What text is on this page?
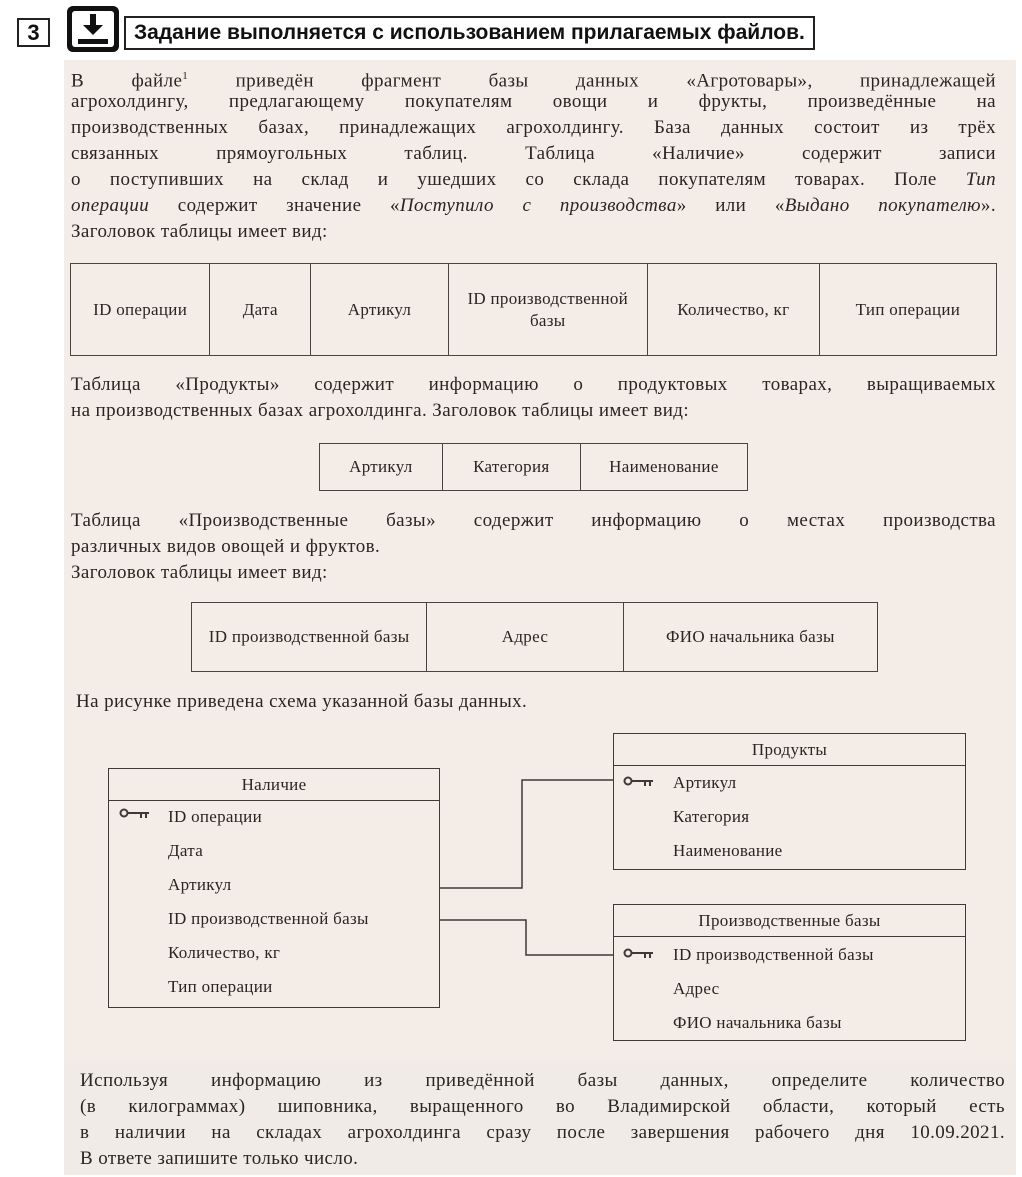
3	Задание выполняется с использованием прилагаемых файлов.
В файле$^1$ приведён фрагмент базы данных «Агротовары», принадлежащей
агрохолдингу, предлагающему покупателям овощи и фрукты, произведённые на
производственных базах, принадлежащих агрохолдингу. База данных состоит из трёх
связанных прямоугольных таблиц. Таблица «Наличие» содержит записи
о поступивших на склад и ушедших со склада покупателям товарах. Поле Тип
операции содержит значение «Поступило с производства» или «Выдано покупателю».
Заголовок таблицы имеет вид:
ID операции	Дата	Артикул	ID производственной базы	Количество, кг	Тип операции
Таблица «Продукты» содержит информацию о продуктовых товарах, выращиваемых
на производственных базах агрохолдинга. Заголовок таблицы имеет вид:
Артикул	Категория	Наименование
Таблица «Производственные базы» содержит информацию о местах производства
различных видов овощей и фруктов.
Заголовок таблицы имеет вид:
ID производственной базы	Адрес	ФИО начальника базы
На рисунке приведена схема указанной базы данных.
Наличие
ID операции
Дата
Артикул
ID производственной базы
Количество, кг
Тип операции
Продукты
Артикул
Категория
Наименование
Производственные базы
ID производственной базы
Адрес
ФИО начальника базы
Используя информацию из приведённой базы данных, определите количество
(в килограммах) шиповника, выращенного во Владимирской области, который есть
в наличии на складах агрохолдинга сразу после завершения рабочего дня 10.09.2021.
В ответе запишите только число.
